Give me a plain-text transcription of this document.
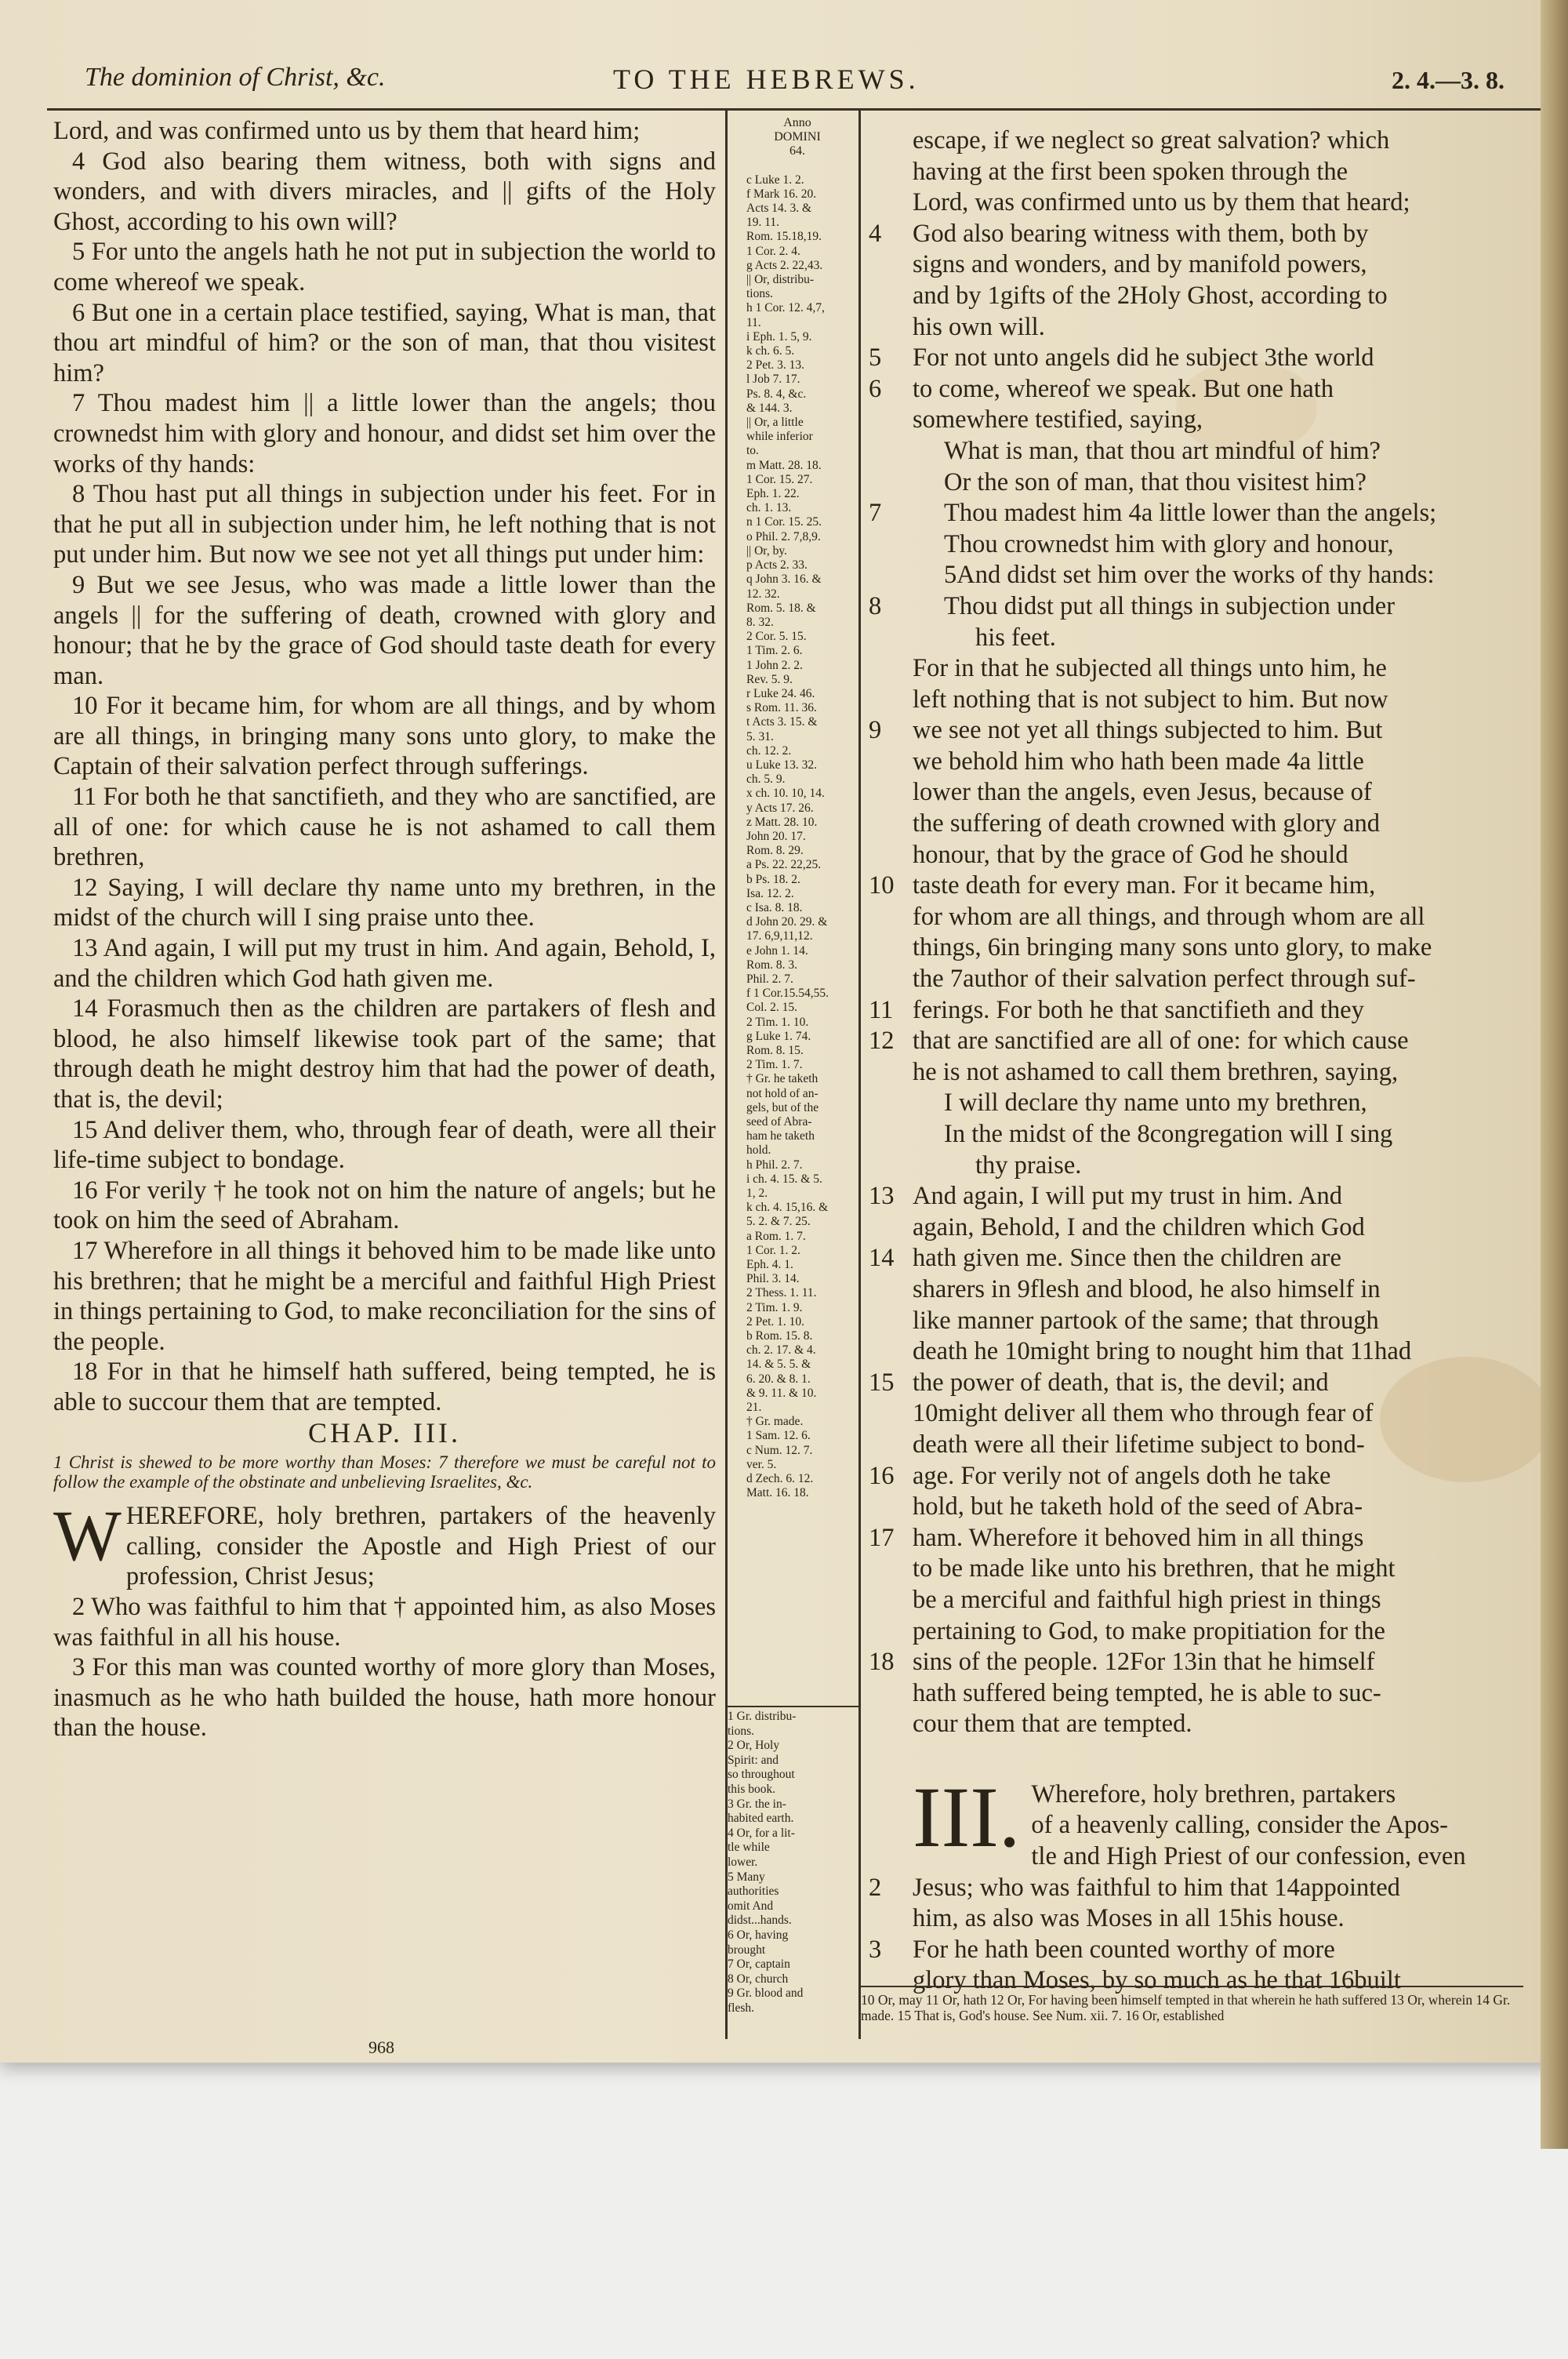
The dominion of Christ, &c.	TO THE HEBREWS.	2. 4.—3. 8.

Lord, and was confirmed unto us by them that heard him;

4 God also bearing them witness, both with signs and wonders, and with divers miracles, and || gifts of the Holy Ghost, according to his own will?

5 For unto the angels hath he not put in subjection the world to come whereof we speak.

6 But one in a certain place testified, saying, What is man, that thou art mindful of him? or the son of man, that thou visitest him?

7 Thou madest him || a little lower than the angels; thou crownedst him with glory and honour, and didst set him over the works of thy hands:

8 Thou hast put all things in subjection under his feet. For in that he put all in subjection under him, he left nothing that is not put under him. But now we see not yet all things put under him:

9 But we see Jesus, who was made a little lower than the angels || for the suffering of death, crowned with glory and honour; that he by the grace of God should taste death for every man.

10 For it became him, for whom are all things, and by whom are all things, in bringing many sons unto glory, to make the Captain of their salvation perfect through sufferings.

11 For both he that sanctifieth, and they who are sanctified, are all of one: for which cause he is not ashamed to call them brethren,

12 Saying, I will declare thy name unto my brethren, in the midst of the church will I sing praise unto thee.

13 And again, I will put my trust in him. And again, Behold, I, and the children which God hath given me.

14 Forasmuch then as the children are partakers of flesh and blood, he also himself likewise took part of the same; that through death he might destroy him that had the power of death, that is, the devil;

15 And deliver them, who, through fear of death, were all their life-time subject to bondage.

16 For verily † he took not on him the nature of angels; but he took on him the seed of Abraham.

17 Wherefore in all things it behoved him to be made like unto his brethren; that he might be a merciful and faithful High Priest in things pertaining to God, to make reconciliation for the sins of the people.

18 For in that he himself hath suffered, being tempted, he is able to succour them that are tempted.

CHAP. III.

1 Christ is shewed to be more worthy than Moses: 7 therefore we must be careful not to follow the example of the obstinate and unbelieving Israelites, &c.

WHEREFORE, holy brethren, partakers of the heavenly calling, consider the Apostle and High Priest of our profession, Christ Jesus;

2 Who was faithful to him that † appointed him, as also Moses was faithful in all his house.

3 For this man was counted worthy of more glory than Moses, inasmuch as he who hath builded the house, hath more honour than the house.

Anno
DOMINI
64.
c Luke 1. 2.
f Mark 16. 20.
Acts 14. 3. &
19. 11.
Rom. 15.18,19.
1 Cor. 2. 4.
g Acts 2. 22,43.
|| Or, distribu-
tions.
h 1 Cor. 12. 4,7,
11.
i Eph. 1. 5, 9.
k ch. 6. 5.
2 Pet. 3. 13.
l Job 7. 17.
Ps. 8. 4, &c.
& 144. 3.
|| Or, a little
while inferior
to.
m Matt. 28. 18.
1 Cor. 15. 27.
Eph. 1. 22.
ch. 1. 13.
n 1 Cor. 15. 25.
o Phil. 2. 7,8,9.
|| Or, by.
p Acts 2. 33.
q John 3. 16. &
12. 32.
Rom. 5. 18. &
8. 32.
2 Cor. 5. 15.
1 Tim. 2. 6.
1 John 2. 2.
Rev. 5. 9.
r Luke 24. 46.
s Rom. 11. 36.
t Acts 3. 15. &
5. 31.
ch. 12. 2.
u Luke 13. 32.
ch. 5. 9.
x ch. 10. 10, 14.
y Acts 17. 26.
z Matt. 28. 10.
John 20. 17.
Rom. 8. 29.
a Ps. 22. 22,25.
b Ps. 18. 2.
Isa. 12. 2.
c Isa. 8. 18.
d John 20. 29. &
17. 6,9,11,12.
e John 1. 14.
Rom. 8. 3.
Phil. 2. 7.
f 1 Cor.15.54,55.
Col. 2. 15.
2 Tim. 1. 10.
g Luke 1. 74.
Rom. 8. 15.
2 Tim. 1. 7.
† Gr. he taketh
not hold of an-
gels, but of the
seed of Abra-
ham he taketh
hold.
h Phil. 2. 7.
i ch. 4. 15. & 5.
1, 2.
k ch. 4. 15,16. &
5. 2. & 7. 25.
a Rom. 1. 7.
1 Cor. 1. 2.
Eph. 4. 1.
Phil. 3. 14.
2 Thess. 1. 11.
2 Tim. 1. 9.
2 Pet. 1. 10.
b Rom. 15. 8.
ch. 2. 17. & 4.
14. & 5. 5. &
6. 20. & 8. 1.
& 9. 11. & 10.
21.
† Gr. made.
1 Sam. 12. 6.
c Num. 12. 7.
ver. 5.
d Zech. 6. 12.
Matt. 16. 18.
1 Gr. distribu-
tions.
2 Or, Holy
Spirit: and
so throughout
this book.
3 Gr. the in-
habited earth.
4 Or, for a lit-
tle while
lower.
5 Many
authorities
omit And
didst...hands.
6 Or, having
brought
7 Or, captain
8 Or, church
9 Gr. blood and
flesh.
escape, if we neglect so great salvation? which
having at the first been spoken through the
Lord, was confirmed unto us by them that heard;
4 God also bearing witness with them, both by
signs and wonders, and by manifold powers,
and by 1gifts of the 2Holy Ghost, according to
his own will.
5 For not unto angels did he subject 3the world
6 to come, whereof we speak. But one hath
somewhere testified, saying,
What is man, that thou art mindful of him?
Or the son of man, that thou visitest him?
7 Thou madest him 4a little lower than the angels;
Thou crownedst him with glory and honour,
5And didst set him over the works of thy hands:
8 Thou didst put all things in subjection under
his feet.
For in that he subjected all things unto him, he
left nothing that is not subject to him. But now
9 we see not yet all things subjected to him. But
we behold him who hath been made 4a little
lower than the angels, even Jesus, because of
the suffering of death crowned with glory and
honour, that by the grace of God he should
10 taste death for every man. For it became him,
for whom are all things, and through whom are all
things, 6in bringing many sons unto glory, to make
the 7author of their salvation perfect through suf-
11 ferings. For both he that sanctifieth and they
12 that are sanctified are all of one: for which cause
he is not ashamed to call them brethren, saying,
I will declare thy name unto my brethren,
In the midst of the 8congregation will I sing
thy praise.
13 And again, I will put my trust in him. And
again, Behold, I and the children which God
14 hath given me. Since then the children are
sharers in 9flesh and blood, he also himself in
like manner partook of the same; that through
death he 10might bring to nought him that 11had
15 the power of death, that is, the devil; and
10might deliver all them who through fear of
death were all their lifetime subject to bond-
16 age. For verily not of angels doth he take
hold, but he taketh hold of the seed of Abra-
17 ham. Wherefore it behoved him in all things
to be made like unto his brethren, that he might
be a merciful and faithful high priest in things
pertaining to God, to make propitiation for the
18 sins of the people. 12For 13in that he himself
hath suffered being tempted, he is able to suc-
cour them that are tempted.
III. Wherefore, holy brethren, partakers
of a heavenly calling, consider the Apos-
tle and High Priest of our confession, even
2 Jesus; who was faithful to him that 14appointed
him, as also was Moses in all 15his house.
3 For he hath been counted worthy of more
glory than Moses, by so much as he that 16built
10 Or, may 11 Or, hath 12 Or, For having been himself tempted in that wherein he hath suffered 13 Or, wherein 14 Gr. made. 15 That is, God's house. See Num. xii. 7. 16 Or, established
968
